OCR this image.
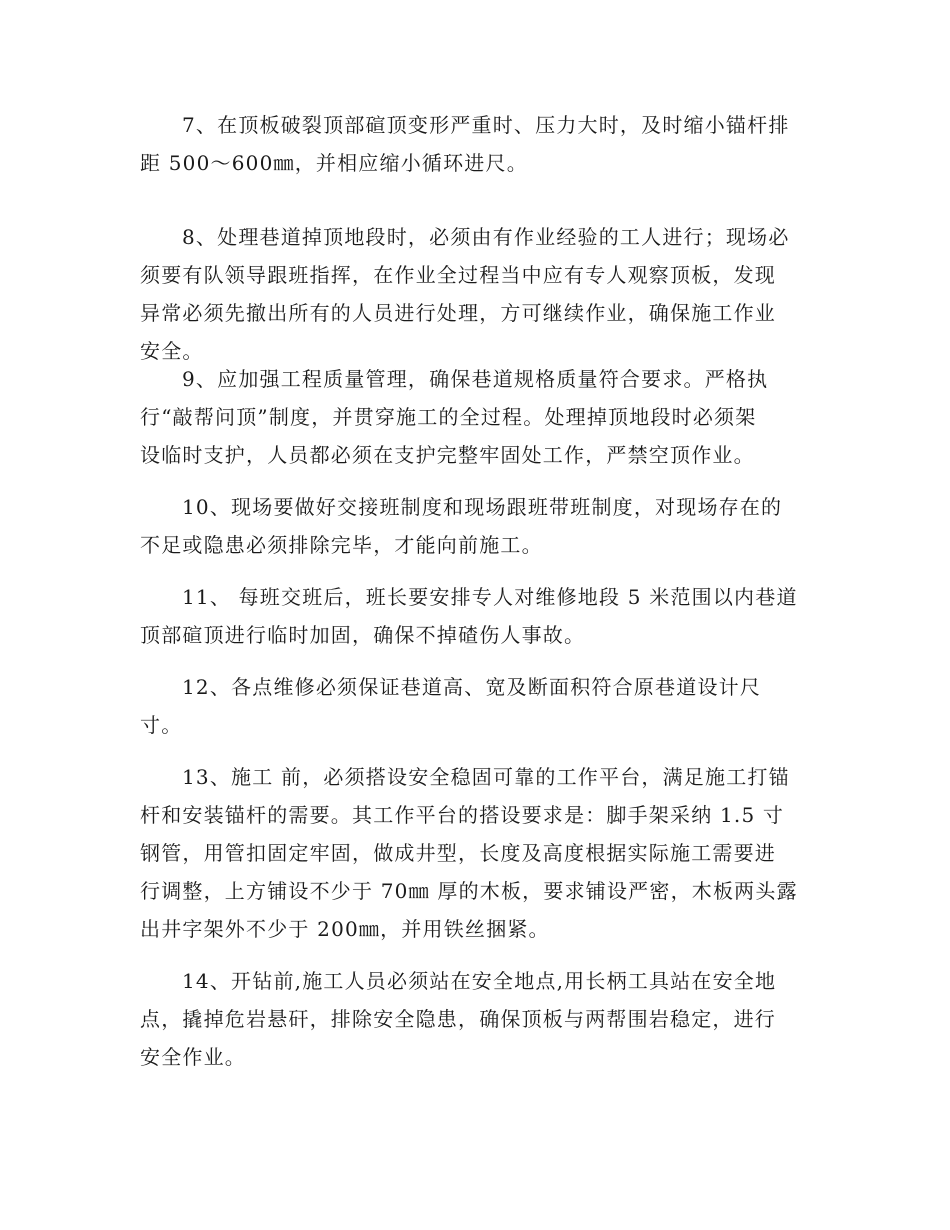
7、在顶板破裂顶部碹顶变形严重时、压力大时，及时缩小锚杆排
距 500～600㎜，并相应缩小循环进尺。
8、处理巷道掉顶地段时，必须由有作业经验的工人进行；现场必
须要有队领导跟班指挥，在作业全过程当中应有专人观察顶板，发现
异常必须先撤出所有的人员进行处理，方可继续作业，确保施工作业
安全。
9、应加强工程质量管理，确保巷道规格质量符合要求。严格执
行“敲帮问顶”制度，并贯穿施工的全过程。处理掉顶地段时必须架
设临时支护，人员都必须在支护完整牢固处工作，严禁空顶作业。
10、现场要做好交接班制度和现场跟班带班制度，对现场存在的
不足或隐患必须排除完毕，才能向前施工。
11、 每班交班后，班长要安排专人对维修地段 5 米范围以内巷道
顶部碹顶进行临时加固，确保不掉碴伤人事故。
12、各点维修必须保证巷道高、宽及断面积符合原巷道设计尺
寸。
13、施工 前，必须搭设安全稳固可靠的工作平台，满足施工打锚
杆和安装锚杆的需要。其工作平台的搭设要求是：脚手架采纳 1.5 寸
钢管，用管扣固定牢固，做成井型，长度及高度根据实际施工需要进
行调整，上方铺设不少于 70㎜ 厚的木板，要求铺设严密，木板两头露
出井字架外不少于 200㎜，并用铁丝捆紧。
14、开钻前,施工人员必须站在安全地点,用长柄工具站在安全地
点，撬掉危岩悬矸，排除安全隐患，确保顶板与两帮围岩稳定，进行
安全作业。
